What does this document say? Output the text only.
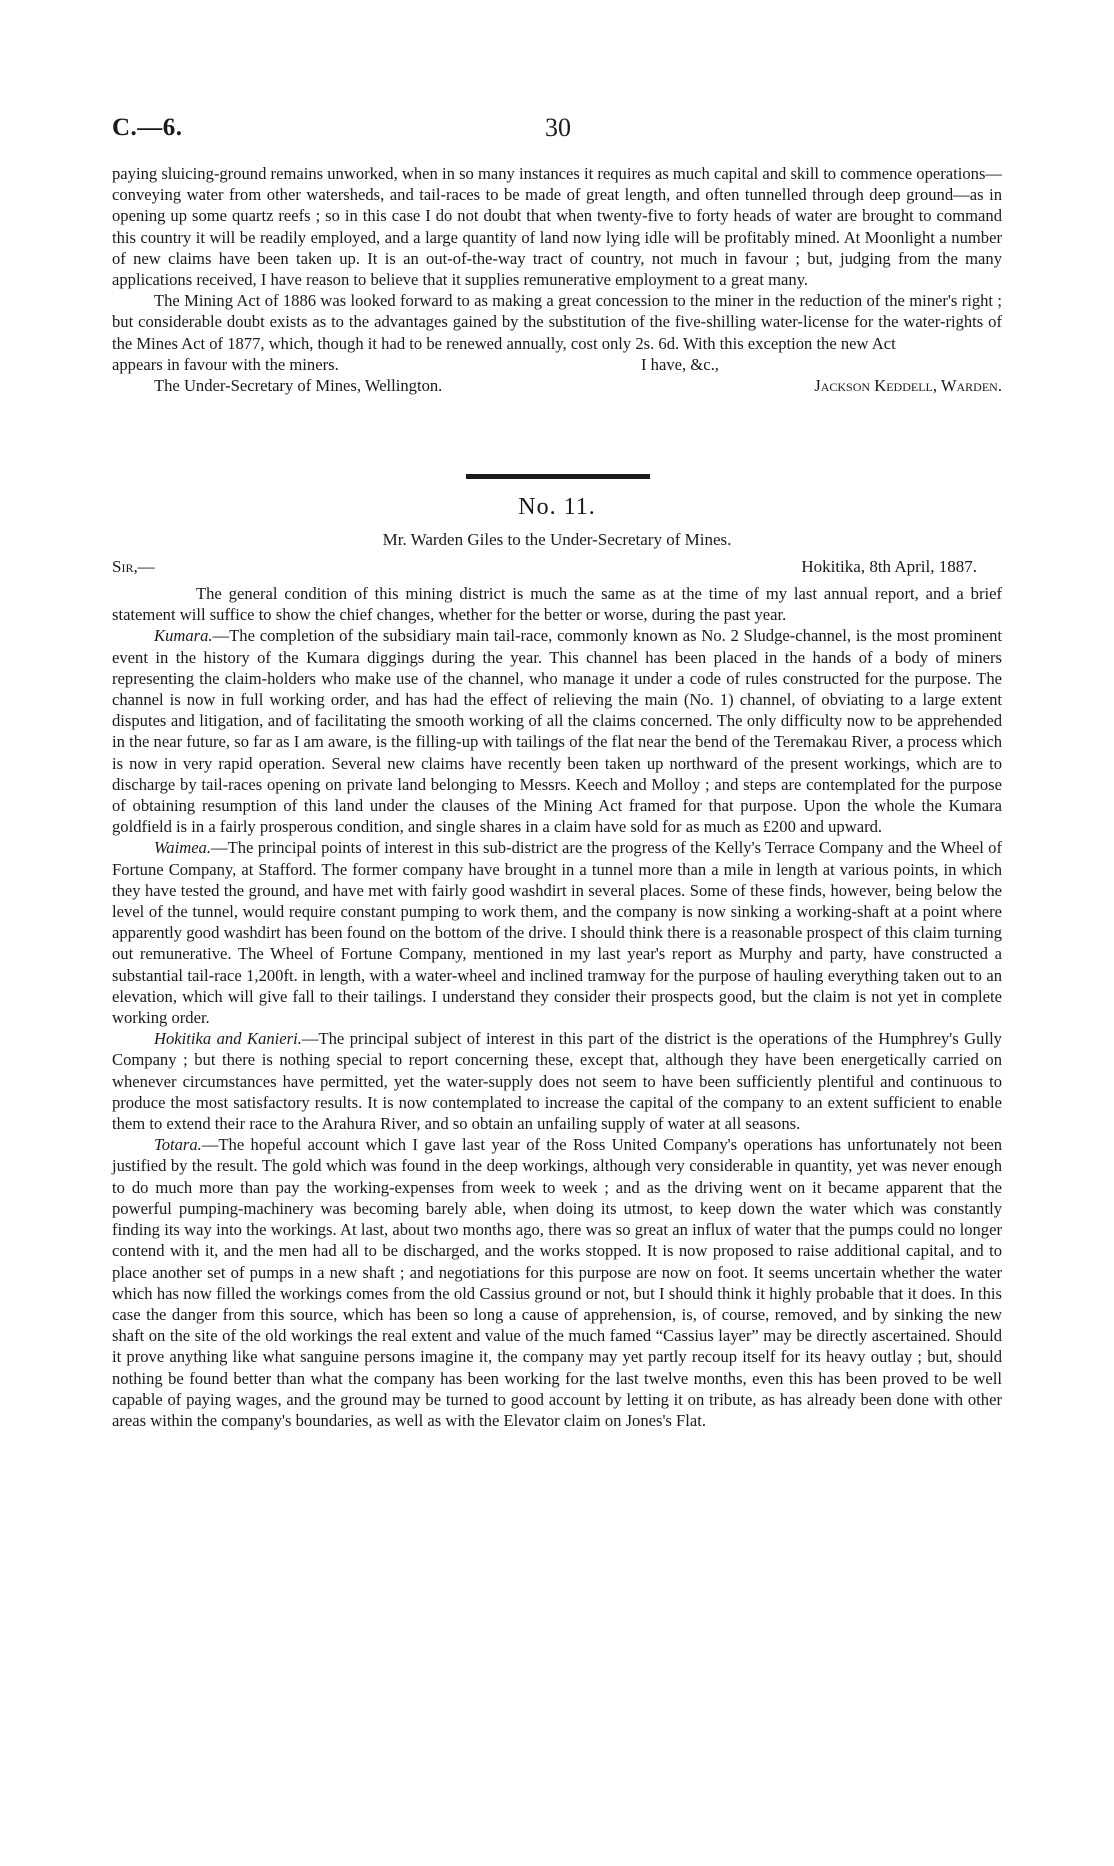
C.—6.	30

paying sluicing-ground remains unworked, when in so many instances it requires as much capital and skill to commence operations—conveying water from other watersheds, and tail-races to be made of great length, and often tunnelled through deep ground—as in opening up some quartz reefs ; so in this case I do not doubt that when twenty-five to forty heads of water are brought to command this country it will be readily employed, and a large quantity of land now lying idle will be profitably mined. At Moonlight a number of new claims have been taken up. It is an out-of-the-way tract of country, not much in favour ; but, judging from the many applications received, I have reason to believe that it supplies remunerative employment to a great many.

The Mining Act of 1886 was looked forward to as making a great concession to the miner in the reduction of the miner's right ; but considerable doubt exists as to the advantages gained by the substitution of the five-shilling water-license for the water-rights of the Mines Act of 1877, which, though it had to be renewed annually, cost only 2s. 6d. With this exception the new Act

appears in favour with the miners.	I have, &c.,
The Under-Secretary of Mines, Wellington.	Jackson Keddell, Warden.
No. 11.
Mr. Warden Giles to the Under-Secretary of Mines.
Sir,—	Hokitika, 8th April, 1887.

The general condition of this mining district is much the same as at the time of my last annual report, and a brief statement will suffice to show the chief changes, whether for the better or worse, during the past year.

Kumara.—The completion of the subsidiary main tail-race, commonly known as No. 2 Sludge-channel, is the most prominent event in the history of the Kumara diggings during the year. This channel has been placed in the hands of a body of miners representing the claim-holders who make use of the channel, who manage it under a code of rules constructed for the purpose. The channel is now in full working order, and has had the effect of relieving the main (No. 1) channel, of obviating to a large extent disputes and litigation, and of facilitating the smooth working of all the claims concerned. The only difficulty now to be apprehended in the near future, so far as I am aware, is the filling-up with tailings of the flat near the bend of the Teremakau River, a process which is now in very rapid operation. Several new claims have recently been taken up northward of the present workings, which are to discharge by tail-races opening on private land belonging to Messrs. Keech and Molloy ; and steps are contemplated for the purpose of obtaining resumption of this land under the clauses of the Mining Act framed for that purpose. Upon the whole the Kumara goldfield is in a fairly prosperous condition, and single shares in a claim have sold for as much as £200 and upward.

Waimea.—The principal points of interest in this sub-district are the progress of the Kelly's Terrace Company and the Wheel of Fortune Company, at Stafford. The former company have brought in a tunnel more than a mile in length at various points, in which they have tested the ground, and have met with fairly good washdirt in several places. Some of these finds, however, being below the level of the tunnel, would require constant pumping to work them, and the company is now sinking a working-shaft at a point where apparently good washdirt has been found on the bottom of the drive. I should think there is a reasonable prospect of this claim turning out remunerative. The Wheel of Fortune Company, mentioned in my last year's report as Murphy and party, have constructed a substantial tail-race 1,200ft. in length, with a water-wheel and inclined tramway for the purpose of hauling everything taken out to an elevation, which will give fall to their tailings. I understand they consider their prospects good, but the claim is not yet in complete working order.

Hokitika and Kanieri.—The principal subject of interest in this part of the district is the operations of the Humphrey's Gully Company ; but there is nothing special to report concerning these, except that, although they have been energetically carried on whenever circumstances have permitted, yet the water-supply does not seem to have been sufficiently plentiful and continuous to produce the most satisfactory results. It is now contemplated to increase the capital of the company to an extent sufficient to enable them to extend their race to the Arahura River, and so obtain an unfailing supply of water at all seasons.

Totara.—The hopeful account which I gave last year of the Ross United Company's operations has unfortunately not been justified by the result. The gold which was found in the deep workings, although very considerable in quantity, yet was never enough to do much more than pay the working-expenses from week to week ; and as the driving went on it became apparent that the powerful pumping-machinery was becoming barely able, when doing its utmost, to keep down the water which was constantly finding its way into the workings. At last, about two months ago, there was so great an influx of water that the pumps could no longer contend with it, and the men had all to be discharged, and the works stopped. It is now proposed to raise additional capital, and to place another set of pumps in a new shaft ; and negotiations for this purpose are now on foot. It seems uncertain whether the water which has now filled the workings comes from the old Cassius ground or not, but I should think it highly probable that it does. In this case the danger from this source, which has been so long a cause of apprehension, is, of course, removed, and by sinking the new shaft on the site of the old workings the real extent and value of the much famed “Cassius layer” may be directly ascertained. Should it prove anything like what sanguine persons imagine it, the company may yet partly recoup itself for its heavy outlay ; but, should nothing be found better than what the company has been working for the last twelve months, even this has been proved to be well capable of paying wages, and the ground may be turned to good account by letting it on tribute, as has already been done with other areas within the company's boundaries, as well as with the Elevator claim on Jones's Flat.
